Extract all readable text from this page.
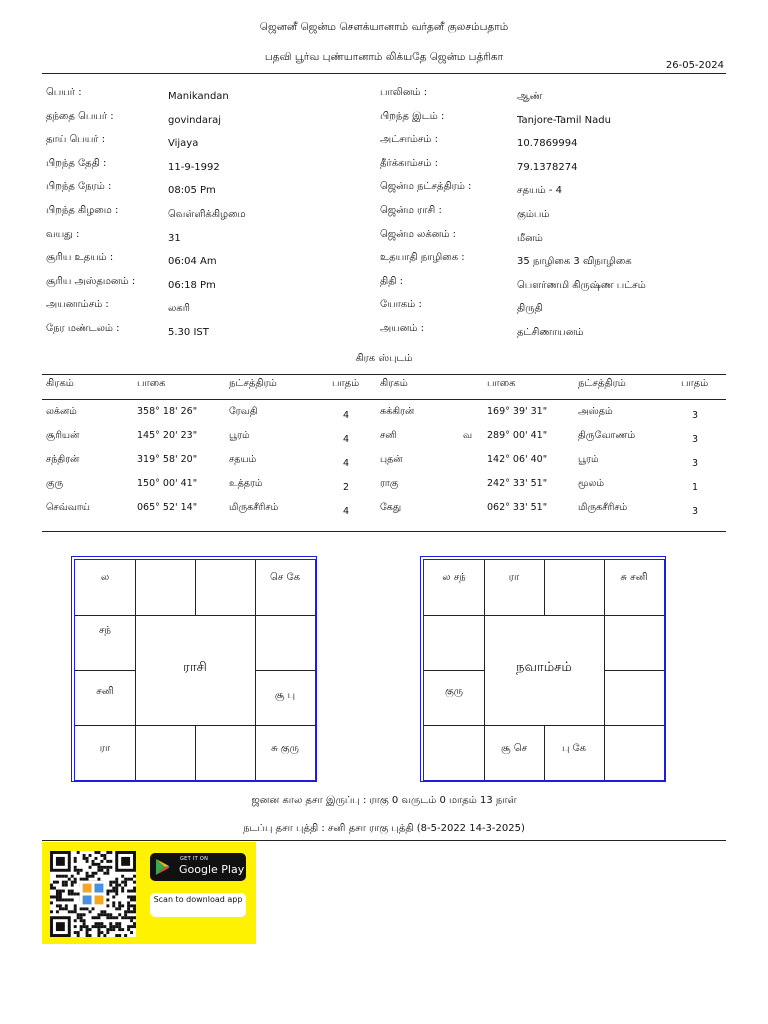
ஜெனனீ ஜென்ம சௌக்யானாம் வர்தனீ குலசம்பதாம்
பதவி பூர்வ புண்யானாம் லிக்யதே ஜென்ம பத்ரிகா
26-05-2024
பெயர் :	Manikandan
தந்தை பெயர் :	govindaraj
தாய் பெயர் :	Vijaya
பிறந்த தேதி :	11-9-1992
பிறந்த நேரம் :	08:05 Pm
பிறந்த கிழமை :	வெள்ளிக்கிழமை
வயது :	31
சூரிய உதயம் :	06:04 Am
சூரிய அஸ்தமனம் :	06:18 Pm
அயனாம்சம் :	லகரி
நேர மண்டலம் :	5.30 IST
பாலினம் :	ஆண்
பிறந்த இடம் :	Tanjore-Tamil Nadu
அட்சாம்சம் :	10.7869994
தீர்க்காம்சம் :	79.1378274
ஜென்ம நட்சத்திரம் :	சதயம் - 4
ஜென்ம ராசி :	கும்பம்
ஜென்ம லக்னம் :	மீனம்
உதயாதி நாழிகை :	35 நாழிகை 3 விநாழிகை
திதி :	பௌர்ணமி கிருஷ்ண பட்சம்
யோகம் :	திருதி
அயனம் :	தட்சிணாயனம்
கிரக ஸ்புடம்
கிரகம்	பாகை	நட்சத்திரம்	பாதம் கிரகம்	பாகை	நட்சத்திரம்	பாதம்
லக்னம்	358° 18' 26"	ரேவதி	4
சூரியன்	145° 20' 23"	பூரம்	4
சந்திரன்	319° 58' 20"	சதயம்	4
குரு	150° 00' 41"	உத்தரம்	2
செவ்வாய்	065° 52' 14"	மிருகசீரிசம்	4
சுக்கிரன்	169° 39' 31"	அஸ்தம்	3
சனி	வ 289° 00' 41"	திருவோணம்	3
புதன்	142° 06' 40"	பூரம்	3
ராகு	242° 33' 51"	மூலம்	1
கேது	062° 33' 51"	மிருகசீரிசம்	3
ல	செ கே
ரா	சு குரு
சந்
சனி	சூ பு
ராசி
ல சந்	ரா	சு சனி
சூ செ	பு கே
குரு
நவாம்சம்
ஜனன கால தசா இருப்பு : ராகு 0 வருடம் 0 மாதம் 13 நாள்
நடப்பு தசா புத்தி : சனி தசா ராகு புத்தி (8-5-2022 14-3-2025)
GET IT ON
Google Play
Scan to download app
